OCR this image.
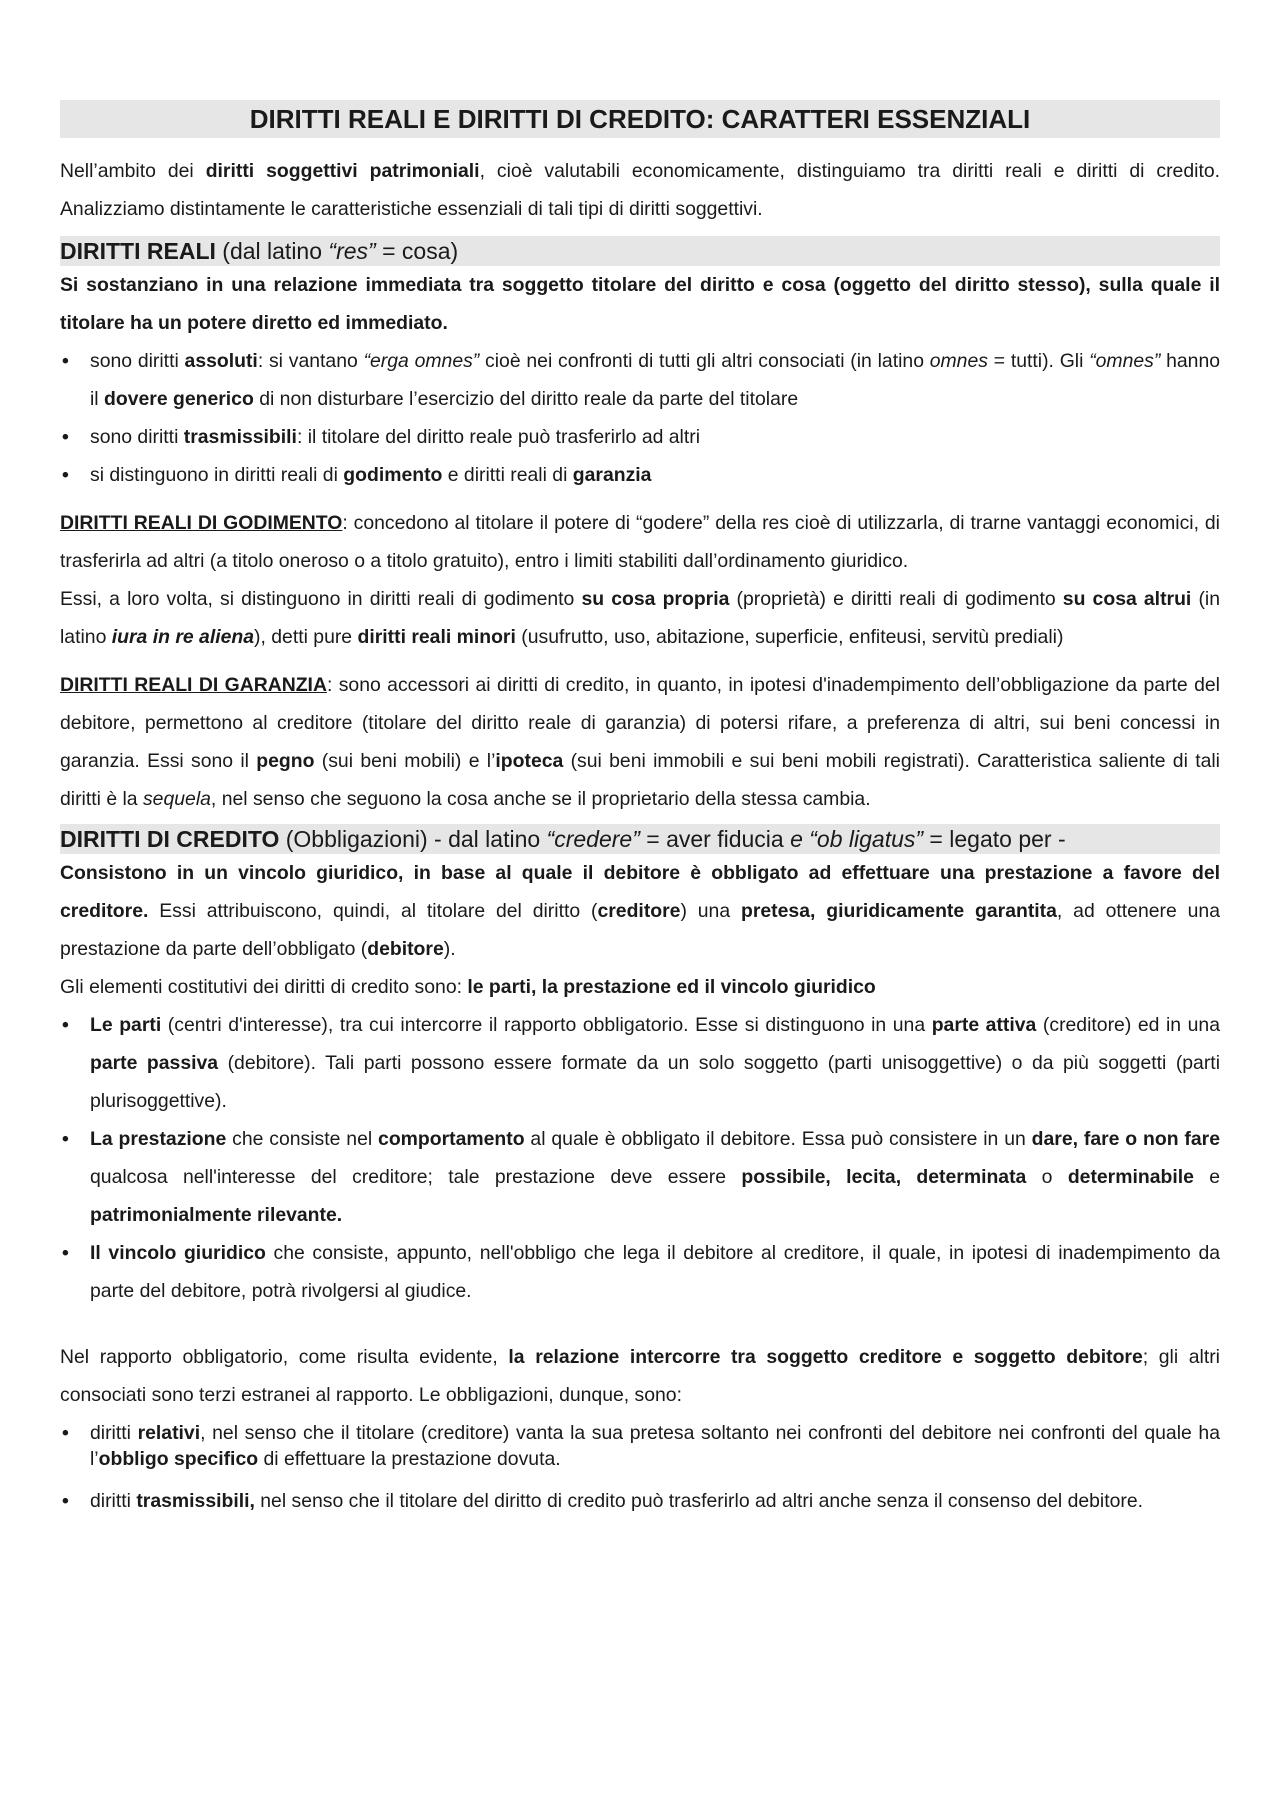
DIRITTI REALI E DIRITTI DI CREDITO: CARATTERI ESSENZIALI

Nell’ambito dei diritti soggettivi patrimoniali, cioè valutabili economicamente, distinguiamo tra diritti reali e diritti di credito. Analizziamo distintamente le caratteristiche essenziali di tali tipi di diritti soggettivi.

DIRITTI REALI (dal latino “res” = cosa)

Si sostanziano in una relazione immediata tra soggetto titolare del diritto e cosa (oggetto del diritto stesso), sulla quale il titolare ha un potere diretto ed immediato.

• sono diritti assoluti: si vantano “erga omnes” cioè nei confronti di tutti gli altri consociati (in latino omnes = tutti). Gli “omnes” hanno il dovere generico di non disturbare l’esercizio del diritto reale da parte del titolare
• sono diritti trasmissibili: il titolare del diritto reale può trasferirlo ad altri
• si distinguono in diritti reali di godimento e diritti reali di garanzia

DIRITTI REALI DI GODIMENTO: concedono al titolare il potere di “godere” della res cioè di utilizzarla, di trarne vantaggi economici, di trasferirla ad altri (a titolo oneroso o a titolo gratuito), entro i limiti stabiliti dall’ordinamento giuridico.

Essi, a loro volta, si distinguono in diritti reali di godimento su cosa propria (proprietà) e diritti reali di godimento su cosa altrui (in latino iura in re aliena), detti pure diritti reali minori (usufrutto, uso, abitazione, superficie, enfiteusi, servitù prediali)

DIRITTI REALI DI GARANZIA: sono accessori ai diritti di credito, in quanto, in ipotesi d'inadempimento dell’obbligazione da parte del debitore, permettono al creditore (titolare del diritto reale di garanzia) di potersi rifare, a preferenza di altri, sui beni concessi in garanzia. Essi sono il pegno (sui beni mobili) e l’ipoteca (sui beni immobili e sui beni mobili registrati). Caratteristica saliente di tali diritti è la sequela, nel senso che seguono la cosa anche se il proprietario della stessa cambia.

DIRITTI DI CREDITO (Obbligazioni) - dal latino “credere” = aver fiducia e “ob ligatus” = legato per -

Consistono in un vincolo giuridico, in base al quale il debitore è obbligato ad effettuare una prestazione a favore del creditore. Essi attribuiscono, quindi, al titolare del diritto (creditore) una pretesa, giuridicamente garantita, ad ottenere una prestazione da parte dell’obbligato (debitore).

Gli elementi costitutivi dei diritti di credito sono: le parti, la prestazione ed il vincolo giuridico

• Le parti (centri d'interesse), tra cui intercorre il rapporto obbligatorio. Esse si distinguono in una parte attiva (creditore) ed in una parte passiva (debitore). Tali parti possono essere formate da un solo soggetto (parti unisoggettive) o da più soggetti (parti plurisoggettive).
• La prestazione che consiste nel comportamento al quale è obbligato il debitore. Essa può consistere in un dare, fare o non fare qualcosa nell'interesse del creditore; tale prestazione deve essere possibile, lecita, determinata o determinabile e patrimonialmente rilevante.
• Il vincolo giuridico che consiste, appunto, nell'obbligo che lega il debitore al creditore, il quale, in ipotesi di inadempimento da parte del debitore, potrà rivolgersi al giudice.

Nel rapporto obbligatorio, come risulta evidente, la relazione intercorre tra soggetto creditore e soggetto debitore; gli altri consociati sono terzi estranei al rapporto. Le obbligazioni, dunque, sono:

• diritti relativi, nel senso che il titolare (creditore) vanta la sua pretesa soltanto nei confronti del debitore nei confronti del quale ha l’obbligo specifico di effettuare la prestazione dovuta.
• diritti trasmissibili, nel senso che il titolare del diritto di credito può trasferirlo ad altri anche senza il consenso del debitore.
